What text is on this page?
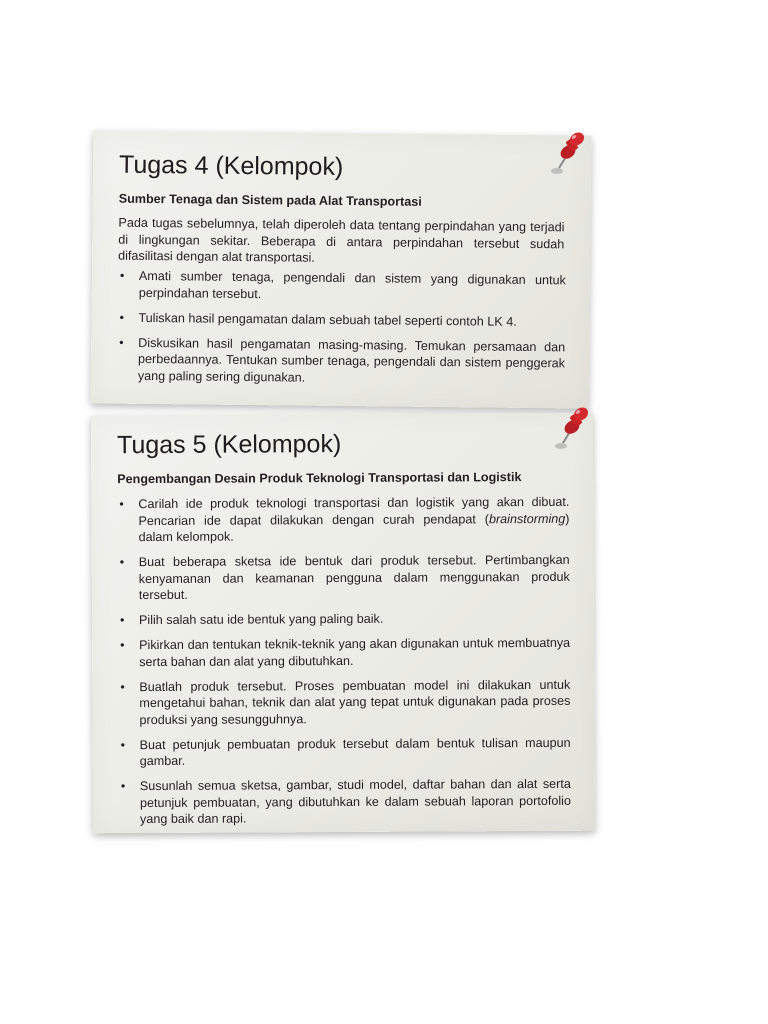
Tugas 4 (Kelompok)
Sumber Tenaga dan Sistem pada Alat Transportasi
Pada tugas sebelumnya, telah diperoleh data tentang perpindahan yang terjadi di lingkungan sekitar. Beberapa di antara perpindahan tersebut sudah difasilitasi dengan alat transportasi.
• Amati sumber tenaga, pengendali dan sistem yang digunakan untuk perpindahan tersebut.
• Tuliskan hasil pengamatan dalam sebuah tabel seperti contoh LK 4.
• Diskusikan hasil pengamatan masing-masing. Temukan persamaan dan perbedaannya. Tentukan sumber tenaga, pengendali dan sistem penggerak yang paling sering digunakan.
Tugas 5 (Kelompok)
Pengembangan Desain Produk Teknologi Transportasi dan Logistik
• Carilah ide produk teknologi transportasi dan logistik yang akan dibuat. Pencarian ide dapat dilakukan dengan curah pendapat (brainstorming) dalam kelompok.
• Buat beberapa sketsa ide bentuk dari produk tersebut. Pertimbangkan kenyamanan dan keamanan pengguna dalam menggunakan produk tersebut.
• Pilih salah satu ide bentuk yang paling baik.
• Pikirkan dan tentukan teknik-teknik yang akan digunakan untuk membuatnya serta bahan dan alat yang dibutuhkan.
• Buatlah produk tersebut. Proses pembuatan model ini dilakukan untuk mengetahui bahan, teknik dan alat yang tepat untuk digunakan pada proses produksi yang sesungguhnya.
• Buat petunjuk pembuatan produk tersebut dalam bentuk tulisan maupun gambar.
• Susunlah semua sketsa, gambar, studi model, daftar bahan dan alat serta petunjuk pembuatan, yang dibutuhkan ke dalam sebuah laporan portofolio yang baik dan rapi.
